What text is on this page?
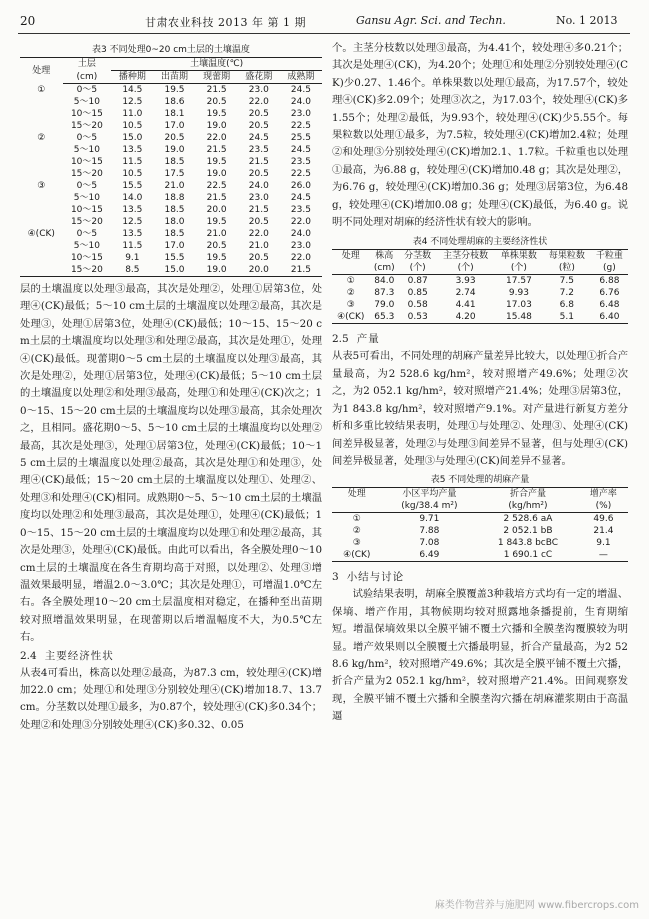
20	甘肃农业科技 2013 年 第 1 期	Gansu Agr. Sci. and Techn.	No. 1 2013
表3 不同处理0~20 cm土层的土壤温度
处理	土层	土壤温度(℃)				
	(cm)	播种期	出苗期	现蕾期	盛花期	成熟期
①	0～5	14.5	19.5	21.5	23.0	24.5
	5～10	12.5	18.6	20.5	22.0	24.0
	10～15	11.0	18.1	19.5	20.5	23.0
	15～20	10.5	17.0	19.0	20.5	22.5
②	0～5	15.0	20.5	22.0	24.5	25.5
	5～10	13.5	19.0	21.5	23.5	24.5
	10～15	11.5	18.5	19.5	21.5	23.5
	15～20	10.5	17.5	19.0	20.5	22.5
③	0～5	15.5	21.0	22.5	24.0	26.0
	5～10	14.0	18.8	21.5	23.0	24.5
	10～15	13.5	18.5	20.0	21.5	23.5
	15～20	12.5	18.0	19.5	20.5	22.0
④(CK)	0～5	13.5	18.5	21.0	22.0	24.0
	5～10	11.5	17.0	20.5	21.0	23.0
	10～15	9.1	15.5	19.5	20.5	22.0
	15～20	8.5	15.0	19.0	20.0	21.5

层的土壤温度以处理③最高，其次是处理②，处理①居第3位，处理④(CK)最低；5～10 cm土层的土壤温度以处理②最高，其次是处理③，处理①居第3位，处理④(CK)最低；10～15、15～20 cm土层的土壤温度均以处理③和处理②最高，其次是处理①，处理④(CK)最低。现蕾期0～5 cm土层的土壤温度以处理③最高，其次是处理②，处理①居第3位，处理④(CK)最低；5～10 cm土层的土壤温度以处理②和处理③最高，处理①和处理④(CK)次之；10～15、15～20 cm土层的土壤温度均以处理③最高，其余处理次之，且相同。盛花期0～5、5～10 cm土层的土壤温度均以处理②最高，其次是处理③，处理①居第3位，处理④(CK)最低；10～15 cm土层的土壤温度以处理②最高，其次是处理①和处理③，处理④(CK)最低；15～20 cm土层的土壤温度以处理①、处理②、处理③和处理④(CK)相同。成熟期0～5、5～10 cm土层的土壤温度均以处理②和处理③最高，其次是处理①，处理④(CK)最低；10～15、15～20 cm土层的土壤温度均以处理①和处理②最高，其次是处理③，处理④(CK)最低。由此可以看出，各全膜处理0～10 cm土层的土壤温度在各生育期均高于对照，以处理②、处理③增温效果最明显，增温2.0～3.0℃；其次是处理①，可增温1.0℃左右。各全膜处理10～20 cm土层温度相对稳定，在播种至出苗期较对照增温效果明显，在现蕾期以后增温幅度不大，为0.5℃左右。

2.4 主要经济性状

从表4可看出，株高以处理②最高，为87.3 cm，较处理④(CK)增加22.0 cm；处理①和处理③分别较处理④(CK)增加18.7、13.7 cm。分茎数以处理①最多，为0.87个，较处理④(CK)多0.34个；处理②和处理③分别较处理④(CK)多0.32、0.05

个。主茎分枝数以处理③最高，为4.41个，较处理④多0.21个；其次是处理④(CK)，为4.20个；处理①和处理②分别较处理④(CK)少0.27、1.46个。单株果数以处理①最高，为17.57个，较处理④(CK)多2.09个；处理③次之，为17.03个，较处理④(CK)多1.55个；处理②最低，为9.93个，较处理④(CK)少5.55个。每果粒数以处理①最多，为7.5粒，较处理④(CK)增加2.4粒；处理②和处理③分别较处理④(CK)增加2.1、1.7粒。千粒重也以处理①最高，为6.88 g，较处理④(CK)增加0.48 g；其次是处理②，为6.76 g，较处理④(CK)增加0.36 g；处理③居第3位，为6.48 g，较处理④(CK)增加0.08 g；处理④(CK)最低，为6.40 g。说明不同处理对胡麻的经济性状有较大的影响。

表4 不同处理胡麻的主要经济性状
处理	株高	分茎数	主茎分枝数	单株果数	每果粒数	千粒重
	(cm)	(个)	(个)	(个)	(粒)	(g)
①	84.0	0.87	3.93	17.57	7.5	6.88
②	87.3	0.85	2.74	9.93	7.2	6.76
③	79.0	0.58	4.41	17.03	6.8	6.48
④(CK)	65.3	0.53	4.20	15.48	5.1	6.40
2.5 产量

从表5可看出，不同处理的胡麻产量差异比较大，以处理①折合产量最高，为2 528.6 kg/hm²，较对照增产49.6%；处理②次之，为2 052.1 kg/hm²，较对照增产21.4%；处理③居第3位，为1 843.8 kg/hm²，较对照增产9.1%。对产量进行新复方差分析和多重比较结果表明，处理①与处理②、处理③、处理④(CK)间差异极显著，处理②与处理③间差异不显著，但与处理④(CK)间差异极显著，处理③与处理④(CK)间差异不显著。

表5 不同处理的胡麻产量
处理	小区平均产量	折合产量	增产率
	(kg/38.4 m²)	(kg/hm²)	(%)
①	9.71	2 528.6 aA	49.6
②	7.88	2 052.1 bB	21.4
③	7.08	1 843.8 bcBC	9.1
④(CK)	6.49	1 690.1 cC	—
3 小结与讨论

试验结果表明，胡麻全膜覆盖3种栽培方式均有一定的增温、保墒、增产作用，其物候期均较对照露地条播提前，生育期缩短。增温保墒效果以全膜平铺不覆土穴播和全膜垄沟覆膜较为明显。增产效果则以全膜覆土穴播最明显，折合产量最高，为2 528.6 kg/hm²，较对照增产49.6%；其次是全膜平铺不覆土穴播，折合产量为2 052.1 kg/hm²，较对照增产21.4%。田间观察发现，全膜平铺不覆土穴播和全膜垄沟穴播在胡麻灌浆期由于高温逼

麻类作物营养与施肥网 www.fibercrops.com
